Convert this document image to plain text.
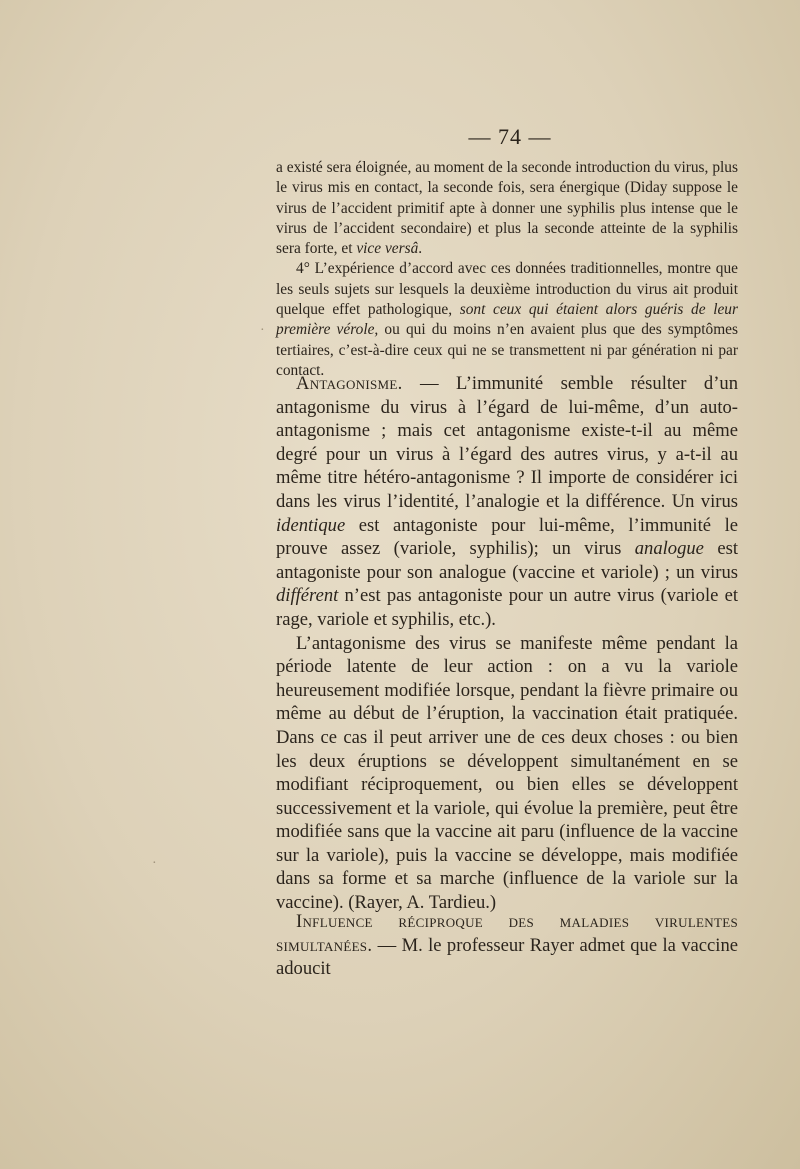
— 74 —

a existé sera éloignée, au moment de la seconde introduction du virus, plus le virus mis en contact, la seconde fois, sera énergique (Diday suppose le virus de l’accident primitif apte à donner une syphilis plus intense que le virus de l’accident secondaire) et plus la seconde atteinte de la syphilis sera forte, et vice versâ.

4° L’expérience d’accord avec ces données traditionnelles, montre que les seuls sujets sur lesquels la deuxième introduction du virus ait produit quelque effet pathologique, sont ceux qui étaient alors guéris de leur première vérole, ou qui du moins n’en avaient plus que des symptômes tertiaires, c’est-à-dire ceux qui ne se transmettent ni par génération ni par contact.

Antagonisme. — L’immunité semble résulter d’un antagonisme du virus à l’égard de lui-même, d’un auto-antagonisme ; mais cet antagonisme existe-t-il au même degré pour un virus à l’égard des autres virus, y a-t-il au même titre hétéro-antagonisme ? Il importe de considérer ici dans les virus l’identité, l’analogie et la différence. Un virus identique est antagoniste pour lui-même, l’immunité le prouve assez (variole, syphilis); un virus analogue est antagoniste pour son analogue (vaccine et variole) ; un virus différent n’est pas antagoniste pour un autre virus (variole et rage, variole et syphilis, etc.).

L’antagonisme des virus se manifeste même pendant la période latente de leur action : on a vu la variole heureusement modifiée lorsque, pendant la fièvre primaire ou même au début de l’éruption, la vaccination était pratiquée. Dans ce cas il peut arriver une de ces deux choses : ou bien les deux éruptions se développent simultanément en se modifiant réciproquement, ou bien elles se développent successivement et la variole, qui évolue la première, peut être modifiée sans que la vaccine ait paru (influence de la vaccine sur la variole), puis la vaccine se développe, mais modifiée dans sa forme et sa marche (influence de la variole sur la vaccine). (Rayer, A. Tardieu.)

Influence réciproque des maladies virulentes simultanées. — M. le professeur Rayer admet que la vaccine adoucit

·
·
